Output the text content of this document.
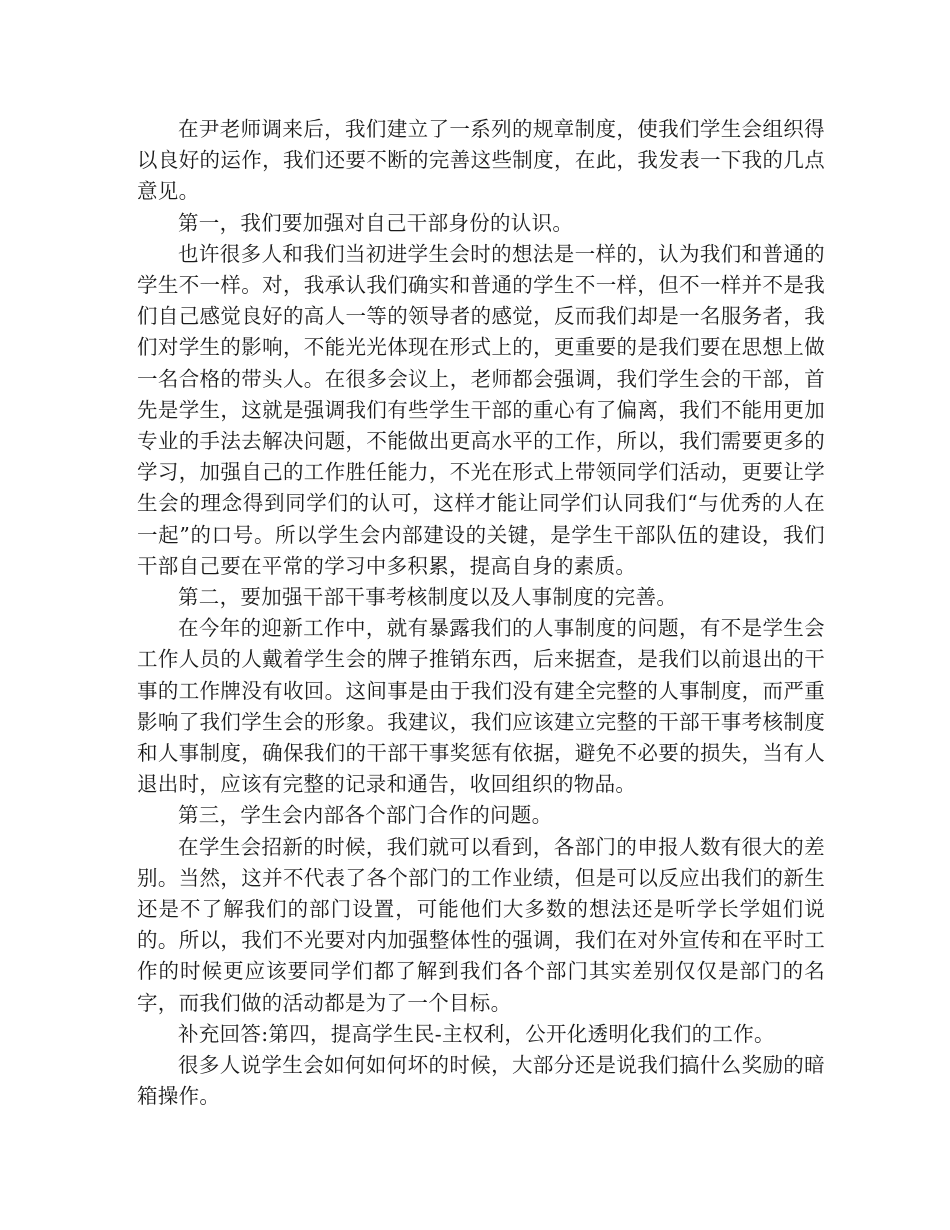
在尹老师调来后，我们建立了一系列的规章制度，使我们学生会组织得以良好的运作，我们还要不断的完善这些制度，在此，我发表一下我的几点意见。

第一，我们要加强对自己干部身份的认识。

也许很多人和我们当初进学生会时的想法是一样的，认为我们和普通的学生不一样。对，我承认我们确实和普通的学生不一样，但不一样并不是我们自己感觉良好的高人一等的领导者的感觉，反而我们却是一名服务者，我们对学生的影响，不能光光体现在形式上的，更重要的是我们要在思想上做一名合格的带头人。在很多会议上，老师都会强调，我们学生会的干部，首先是学生，这就是强调我们有些学生干部的重心有了偏离，我们不能用更加专业的手法去解决问题，不能做出更高水平的工作，所以，我们需要更多的学习，加强自己的工作胜任能力，不光在形式上带领同学们活动，更要让学生会的理念得到同学们的认可，这样才能让同学们认同我们“与优秀的人在一起”的口号。所以学生会内部建设的关键，是学生干部队伍的建设，我们干部自己要在平常的学习中多积累，提高自身的素质。

第二，要加强干部干事考核制度以及人事制度的完善。

在今年的迎新工作中，就有暴露我们的人事制度的问题，有不是学生会工作人员的人戴着学生会的牌子推销东西，后来据查，是我们以前退出的干事的工作牌没有收回。这间事是由于我们没有建全完整的人事制度，而严重影响了我们学生会的形象。我建议，我们应该建立完整的干部干事考核制度和人事制度，确保我们的干部干事奖惩有依据，避免不必要的损失，当有人退出时，应该有完整的记录和通告，收回组织的物品。

第三，学生会内部各个部门合作的问题。

在学生会招新的时候，我们就可以看到，各部门的申报人数有很大的差别。当然，这并不代表了各个部门的工作业绩，但是可以反应出我们的新生还是不了解我们的部门设置，可能他们大多数的想法还是听学长学姐们说的。所以，我们不光要对内加强整体性的强调，我们在对外宣传和在平时工作的时候更应该要同学们都了解到我们各个部门其实差别仅仅是部门的名字，而我们做的活动都是为了一个目标。

补充回答:第四，提高学生民-主权利，公开化透明化我们的工作。

很多人说学生会如何如何坏的时候，大部分还是说我们搞什么奖励的暗箱操作。
